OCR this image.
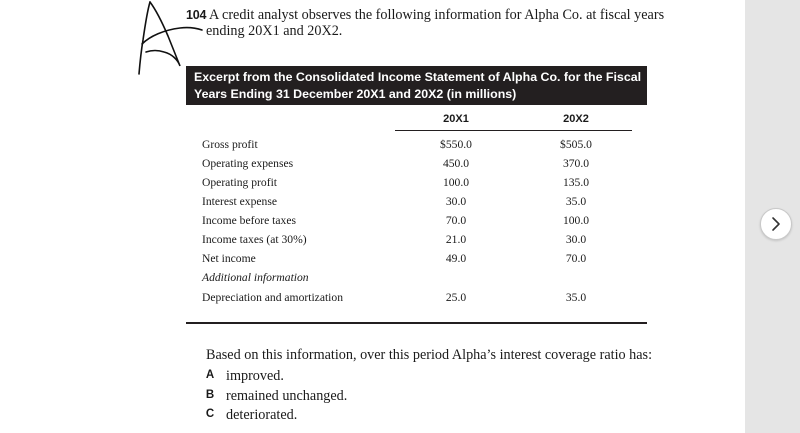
104 A credit analyst observes the following information for Alpha Co. at fiscal years
ending 20X1 and 20X2.
Excerpt from the Consolidated Income Statement of Alpha Co. for the Fiscal
Years Ending 31 December 20X1 and 20X2 (in millions)
20X1	20X2
Gross profit	$550.0	$505.0
Operating expenses	450.0	370.0
Operating profit	100.0	135.0
Interest expense	30.0	35.0
Income before taxes	70.0	100.0
Income taxes (at 30%)	21.0	30.0
Net income	49.0	70.0
Additional information
Depreciation and amortization	25.0	35.0
Based on this information, over this period Alpha’s interest coverage ratio has:
A improved.
B remained unchanged.
C deteriorated.
